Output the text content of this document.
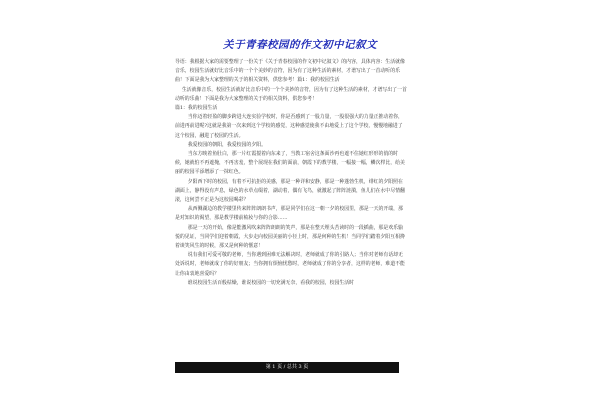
关于青春校园的作文初中记叙文

导语：我根据大家的需要整理了一份关于《关于青春校园的作文初中记叙文》的内容，具体内容：生活就像音乐，校园生活就好比音乐中的一个个美妙的音符，因为有了这种生活的素材，才谱写出了一首动听的乐曲！下面是我为大家整理的关于的相关资料，供您参考！篇1：我的校园生活

生活就像音乐，校园生活就好比音乐中的一个个美妙的音符，因为有了这种生活的素材，才谱写出了一首动听的乐曲！下面是我为大家整理的关于的相关资料，供您参考！

篇1：我的校园生活

当你迈着轻盈的脚步跨进大连实验学校时，你是否感到了一股力量，一股很强大的力量正推动着你，前进再前进呢?这就是我第一次来到这个学校的感觉，这种感觉使我不由地爱上了这个学校，慢慢地融进了这个校园，融进了校园的生活。

我爱校园的朝阳，我爱校园的夕阳。

当东方映着鱼肚白，那一片红霞搅着向东来了，当教工宿舍这条面沙再也遮不住她红形形的俏的时候，她就怕不再遮掩，不再害羞，整个展现在我们的面前，朝霞下的教学楼，一幅接一幅，鳞次栉比，给美丽的校园平添增添了一抹红色。

夕阳西下时的校园，有着不可抗拒的美感，那是一种详和安静，那是一种蓬勃生机，绯红的夕阳照在湖面上，静得没有声息，绿色的水草点缀着，湖动着，偶有飞鸟，就激起了阵阵涟漪，鱼儿们在水中尽情翻滚，这何尝不正是为这校园喝彩？

从西侧湖边的教学楼里传来阵阵朗朗书声，那是同学们在这一朝一夕的校园里，那是一天的开端，那是对知识的渴望，那是教学楼前梳妆与你的合影……

那是一天的开始，像是能激风吹来阵阵朗朗的笑声，那是在整天埋头苦读时的一段插曲，那是欢乐愉悦的见证，当同学们迎着朝霞，大步走向校园美丽的小径上时，那是何种的生机！当同学们踏着夕阳互相搀着谈笑风生的时候，那又是何种的惬意！

说有我们可爱可敬的老师，当你遇到困难无法解决时，老师就成了你的引路人；当你对老师有话却无处诉说时，老师就成了你的好朋友；当你拥有烦恼忧愁时，老师就成了你的分享者，这样的老师，难道不能让你由衷地喜爱吗？

谁说校园生活百般枯燥，谁说校园的一切充满无奈，看我的校园，校园生活时

第 1 页 / 总共 3 页
